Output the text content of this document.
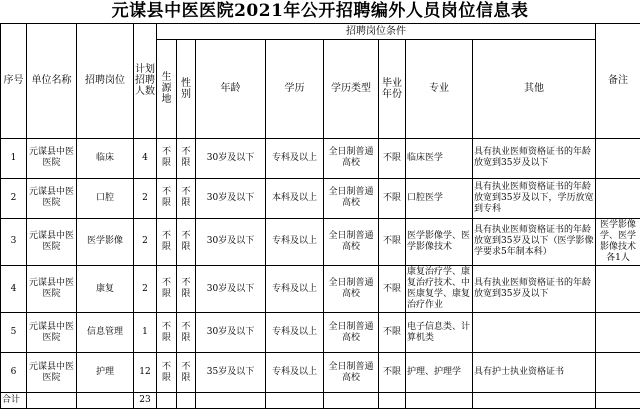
元谋县中医医院2021年公开招聘编外人员岗位信息表
序号	单位名称	招聘岗位	计划招聘人数	招聘岗位条件								备注
				生源地	性别	年龄	学历	学历类型	毕业年份	专业	其他	
1	元谋县中医医院	临床	4	不限	不限	30岁及以下	专科及以上	全日制普通高校	不限	临床医学	具有执业医师资格证书的年龄放宽到35岁及以下	
2	元谋县中医医院	口腔	2	不限	不限	30岁及以下	本科及以上	全日制普通高校	不限	口腔医学	具有执业医师资格证书的年龄放宽到35岁及以下，学历放宽到专科	
3	元谋县中医医院	医学影像	2	不限	不限	30岁及以下	专科及以上	全日制普通高校	不限	医学影像学、医学影像技术	具有执业医师资格证书的年龄放宽到35岁及以下（医学影像学要求5年制本科）	医学影像学、医学影像技术各1人
4	元谋县中医医院	康复	2	不限	不限	30岁及以下	专科及以上	全日制普通高校	不限	康复治疗学、康复治疗技术、中医康复学、康复治疗作业	具有执业医师资格证书的年龄放宽到35岁及以下	
5	元谋县中医医院	信息管理	1	不限	不限	30岁及以下	专科及以上	全日制普通高校	不限	电子信息类、计算机类		
6	元谋县中医医院	护理	12	不限	不限	35岁及以下	专科及以上	全日制普通高校	不限	护理、护理学	具有护士执业资格证书	
合计			23									
